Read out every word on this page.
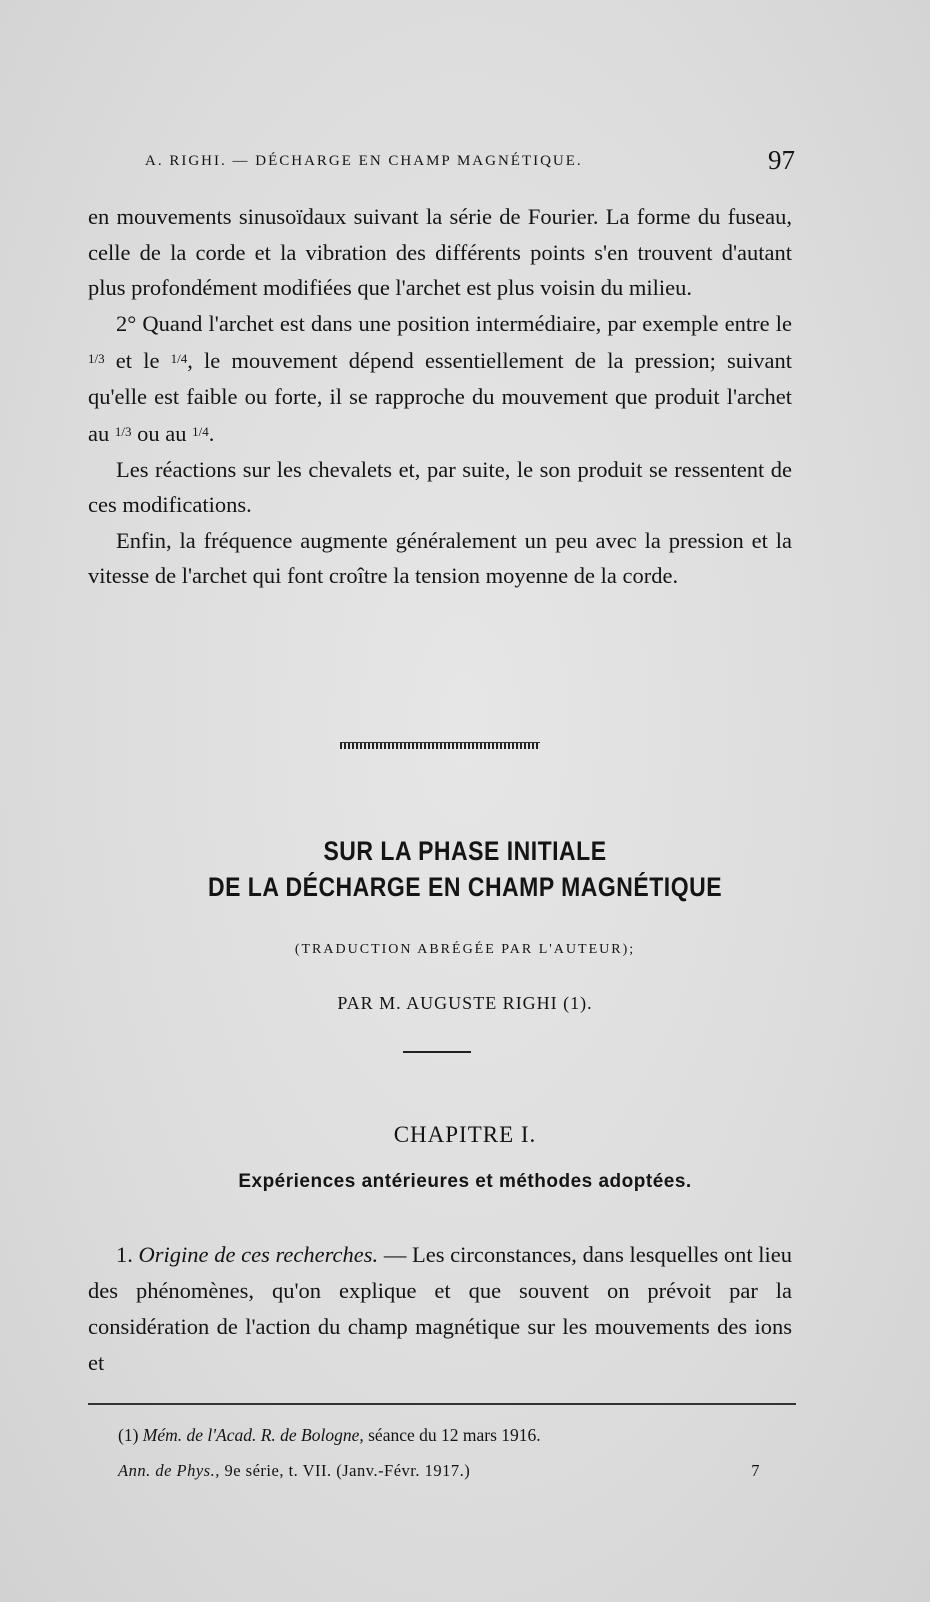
A. RIGHI. — DÉCHARGE EN CHAMP MAGNÉTIQUE.	97

en mouvements sinusoïdaux suivant la série de Fourier. La forme du fuseau, celle de la corde et la vibration des différents points s'en trouvent d'autant plus profondément modifiées que l'archet est plus voisin du milieu.

2° Quand l'archet est dans une position intermédiaire, par exemple entre le $^{1/3}$ et le $^{1/4}$, le mouvement dépend essentiellement de la pression; suivant qu'elle est faible ou forte, il se rapproche du mouvement que produit l'archet au $^{1/3}$ ou au $^{1/4}$.

Les réactions sur les chevalets et, par suite, le son produit se ressentent de ces modifications.

Enfin, la fréquence augmente généralement un peu avec la pression et la vitesse de l'archet qui font croître la tension moyenne de la corde.

SUR LA PHASE INITIALE
DE LA DÉCHARGE EN CHAMP MAGNÉTIQUE
(TRADUCTION ABRÉGÉE PAR L'AUTEUR);
PAR M. AUGUSTE RIGHI (1).
CHAPITRE I.
Expériences antérieures et méthodes adoptées.

1. Origine de ces recherches. — Les circonstances, dans lesquelles ont lieu des phénomènes, qu'on explique et que souvent on prévoit par la considération de l'action du champ magnétique sur les mouvements des ions et

(1) Mém. de l'Acad. R. de Bologne, séance du 12 mars 1916.
Ann. de Phys., 9e série, t. VII. (Janv.-Févr. 1917.)	7
